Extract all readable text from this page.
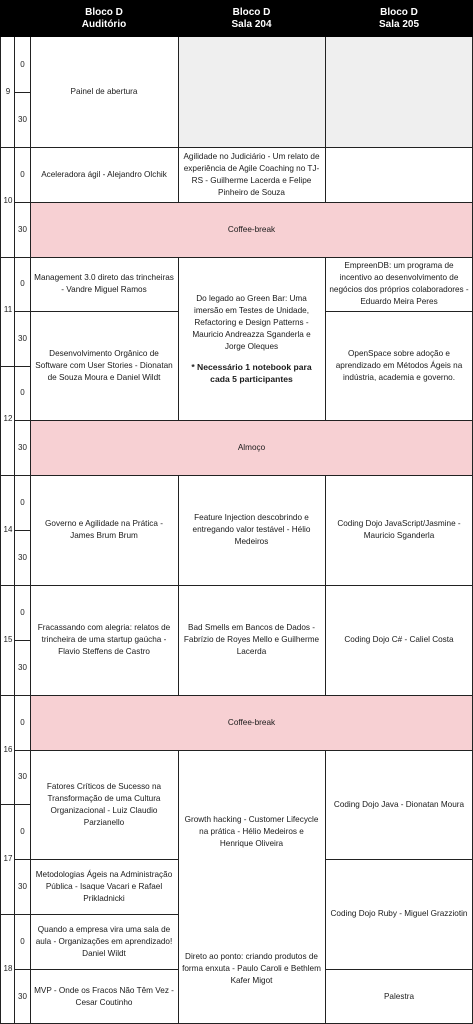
Bloco D
Auditório
Bloco D
Sala 204
Bloco D
Sala 205
9
10
11
12
14
15
16
17
18
0
30
0
30
0
30
0
30
0
30
0
30
0
30
0
30
0
30
Painel de abertura
Aceleradora ágil - Alejandro Olchik
Agilidade no Judiciário - Um relato de experiência de Agile Coaching no TJ-RS - Guilherme Lacerda e Felipe Pinheiro de Souza
Coffee-break
Management 3.0 direto das trincheiras - Vandre Miguel Ramos
Do legado ao Green Bar: Uma imersão em Testes de Unidade, Refactoring e Design Patterns - Mauricio Andreazza Sganderla e Jorge Oleques
* Necessário 1 notebook para cada 5 participantes
EmpreenDB: um programa de incentivo ao desenvolvimento de negócios dos próprios colaboradores - Eduardo Meira Peres
Desenvolvimento Orgânico de Software com User Stories - Dionatan de Souza Moura e Daniel Wildt
OpenSpace sobre adoção e aprendizado em Métodos Ágeis na indústria, academia e governo.
Almoço
Governo e Agilidade na Prática - James Brum Brum
Feature Injection descobrindo e entregando valor testável - Hélio Medeiros
Coding Dojo JavaScript/Jasmine - Mauricio Sganderla
Fracassando com alegria: relatos de trincheira de uma startup gaúcha - Flavio Steffens de Castro
Bad Smells em Bancos de Dados - Fabrízio de Royes Mello e Guilherme Lacerda
Coding Dojo C# - Caliel Costa
Coffee-break
Fatores Críticos de Sucesso na Transformação de uma Cultura Organizacional - Luiz Claudio Parzianello	Growth hacking - Customer Lifecycle na prática - Hélio Medeiros e Henrique Oliveira
Coding Dojo Java - Dionatan Moura
Metodologias Ágeis na Administração Pública - Isaque Vacari e Rafael Prikladnicki
Coding Dojo Ruby - Miguel Grazziotin
Quando a empresa vira uma sala de aula - Organizações em aprendizado! Daniel Wildt	Direto ao ponto: criando produtos de forma enxuta - Paulo Caroli e Bethlem Kafer Migot
MVP - Onde os Fracos Não Têm Vez - Cesar Coutinho
Palestra
